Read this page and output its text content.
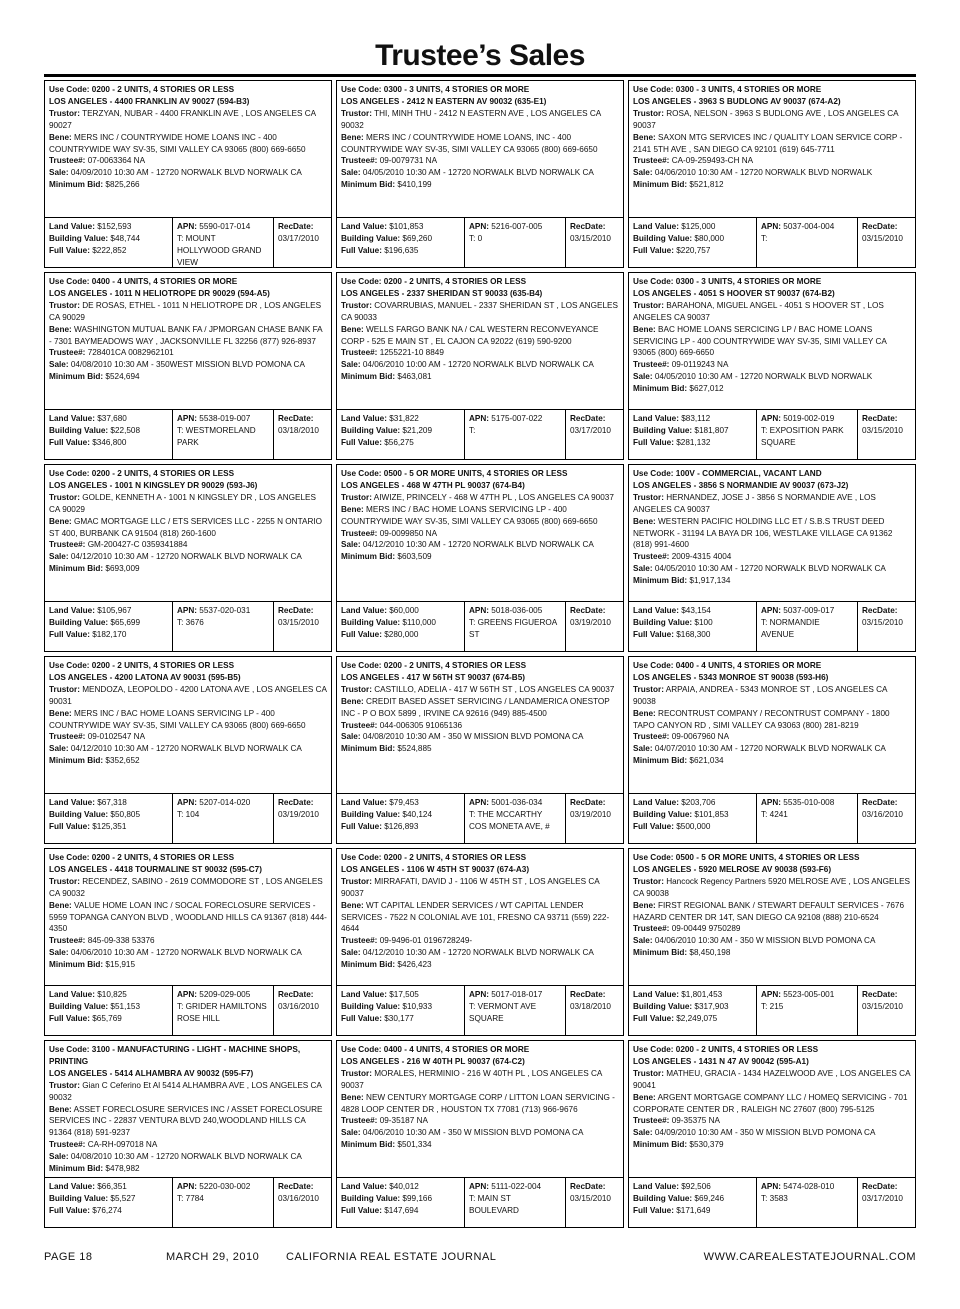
Trustee’s Sales
Use Code: 0200 - 2 UNITS, 4 STORIES OR LESS
LOS ANGELES - 4400 FRANKLIN AV 90027 (594-B3)
Trustor: TERZYAN, NUBAR - 4400 FRANKLIN AVE , LOS ANGELES CA 90027
Bene: MERS INC / COUNTRYWIDE HOME LOANS INC - 400 COUNTRYWIDE WAY SV-35, SIMI VALLEY CA 93065 (800) 669-6650
Trustee#: 07-0063364 NA
Sale: 04/09/2010 10:30 AM - 12720 NORWALK BLVD NORWALK CA
Minimum Bid: $825,266
Land Value: $152,593
Building Value: $48,744
Full Value: $222,852
APN: 5590-017-014
T: MOUNT HOLLYWOOD GRAND VIEW
RecDate:
03/17/2010
Use Code: 0300 - 3 UNITS, 4 STORIES OR MORE
LOS ANGELES - 2412 N EASTERN AV 90032 (635-E1)
Trustor: THI, MINH THU - 2412 N EASTERN AVE , LOS ANGELES CA 90032
Bene: MERS INC / COUNTRYWIDE HOME LOANS, INC - 400 COUNTRYWIDE WAY SV-35, SIMI VALLEY CA 93065 (800) 669-6650
Trustee#: 09-0079731 NA
Sale: 04/05/2010 10:30 AM - 12720 NORWALK BLVD NORWALK CA
Minimum Bid: $410,199
Land Value: $101,853
Building Value: $69,260
Full Value: $196,635
APN: 5216-007-005
T: 0
RecDate:
03/15/2010
Use Code: 0300 - 3 UNITS, 4 STORIES OR MORE
LOS ANGELES - 3963 S BUDLONG AV 90037 (674-A2)
Trustor: ROSA, NELSON - 3963 S BUDLONG AVE , LOS ANGELES CA 90037
Bene: SAXON MTG SERVICES INC / QUALITY LOAN SERVICE CORP - 2141 5TH AVE , SAN DIEGO CA 92101 (619) 645-7711
Trustee#: CA-09-259493-CH NA
Sale: 04/06/2010 10:30 AM - 12720 NORWALK BLVD NORWALK
Minimum Bid: $521,812
Land Value: $125,000
Building Value: $80,000
Full Value: $220,757
APN: 5037-004-004
T:
RecDate:
03/15/2010
Use Code: 0400 - 4 UNITS, 4 STORIES OR MORE
LOS ANGELES - 1011 N HELIOTROPE DR 90029 (594-A5)
Trustor: DE ROSAS, ETHEL - 1011 N HELIOTROPE DR , LOS ANGELES CA 90029
Bene: WASHINGTON MUTUAL BANK FA / JPMORGAN CHASE BANK FA - 7301 BAYMEADOWS WAY , JACKSONVILLE FL 32256 (877) 926-8937
Trustee#: 728401CA 0082962101
Sale: 04/08/2010 10:30 AM - 350WEST MISSION BLVD POMONA CA
Minimum Bid: $524,694
Land Value: $37,680
Building Value: $22,508
Full Value: $346,800
APN: 5538-019-007
T: WESTMORELAND PARK
RecDate:
03/18/2010
Use Code: 0200 - 2 UNITS, 4 STORIES OR LESS
LOS ANGELES - 2337 SHERIDAN ST 90033 (635-B4)
Trustor: COVARRUBIAS, MANUEL - 2337 SHERIDAN ST , LOS ANGELES CA 90033
Bene: WELLS FARGO BANK NA / CAL WESTERN RECONVEYANCE CORP - 525 E MAIN ST , EL CAJON CA 92022 (619) 590-9200
Trustee#: 1255221-10 8849
Sale: 04/06/2010 10:00 AM - 12720 NORWALK BLVD NORWALK CA
Minimum Bid: $463,081
Land Value: $31,822
Building Value: $21,209
Full Value: $56,275
APN: 5175-007-022
T:
RecDate:
03/17/2010
Use Code: 0300 - 3 UNITS, 4 STORIES OR MORE
LOS ANGELES - 4051 S HOOVER ST 90037 (674-B2)
Trustor: BARAHONA, MIGUEL ANGEL - 4051 S HOOVER ST , LOS ANGELES CA 90037
Bene: BAC HOME LOANS SERCICING LP / BAC HOME LOANS SERVICING LP - 400 COUNTRYWIDE WAY SV-35, SIMI VALLEY CA 93065 (800) 669-6650
Trustee#: 09-0119243 NA
Sale: 04/05/2010 10:30 AM - 12720 NORWALK BLVD NORWALK
Minimum Bid: $627,012
Land Value: $83,112
Building Value: $181,807
Full Value: $281,132
APN: 5019-002-019
T: EXPOSITION PARK SQUARE
RecDate:
03/15/2010
Use Code: 0200 - 2 UNITS, 4 STORIES OR LESS
LOS ANGELES - 1001 N KINGSLEY DR 90029 (593-J6)
Trustor: GOLDE, KENNETH A - 1001 N KINGSLEY DR , LOS ANGELES CA 90029
Bene: GMAC MORTGAGE LLC / ETS SERVICES LLC - 2255 N ONTARIO ST 400, BURBANK CA 91504 (818) 260-1600
Trustee#: GM-200427-C 0359341884
Sale: 04/12/2010 10:30 AM - 12720 NORWALK BLVD NORWALK CA
Minimum Bid: $693,009
Land Value: $105,967
Building Value: $65,699
Full Value: $182,170
APN: 5537-020-031
T: 3676
RecDate:
03/15/2010
Use Code: 0500 - 5 OR MORE UNITS, 4 STORIES OR LESS
LOS ANGELES - 468 W 47TH PL 90037 (674-B4)
Trustor: AIWIZE, PRINCELY - 468 W 47TH PL , LOS ANGELES CA 90037
Bene: MERS INC / BAC HOME LOANS SERVICING LP - 400 COUNTRYWIDE WAY SV-35, SIMI VALLEY CA 93065 (800) 669-6650
Trustee#: 09-0099850 NA
Sale: 04/12/2010 10:30 AM - 12720 NORWALK BLVD NORWALK CA
Minimum Bid: $603,509
Land Value: $60,000
Building Value: $110,000
Full Value: $280,000
APN: 5018-036-005
T: GREENS FIGUEROA ST
RecDate:
03/19/2010
Use Code: 100V - COMMERCIAL, VACANT LAND
LOS ANGELES - 3856 S NORMANDIE AV 90037 (673-J2)
Trustor: HERNANDEZ, JOSE J - 3856 S NORMANDIE AVE , LOS ANGELES CA 90037
Bene: WESTERN PACIFIC HOLDING LLC ET / S.B.S TRUST DEED NETWORK - 31194 LA BAYA DR 106, WESTLAKE VILLAGE CA 91362 (818) 991-4600
Trustee#: 2009-4315 4004
Sale: 04/05/2010 10:30 AM - 12720 NORWALK BLVD NORWALK CA
Minimum Bid: $1,917,134
Land Value: $43,154
Building Value: $100
Full Value: $168,300
APN: 5037-009-017
T: NORMANDIE AVENUE
RecDate:
03/15/2010
Use Code: 0200 - 2 UNITS, 4 STORIES OR LESS
LOS ANGELES - 4200 LATONA AV 90031 (595-B5)
Trustor: MENDOZA, LEOPOLDO - 4200 LATONA AVE , LOS ANGELES CA 90031
Bene: MERS INC / BAC HOME LOANS SERVICING LP - 400 COUNTRYWIDE WAY SV-35, SIMI VALLEY CA 93065 (800) 669-6650
Trustee#: 09-0102547 NA
Sale: 04/12/2010 10:30 AM - 12720 NORWALK BLVD NORWALK CA
Minimum Bid: $352,652
Land Value: $67,318
Building Value: $50,805
Full Value: $125,351
APN: 5207-014-020
T: 104
RecDate:
03/19/2010
Use Code: 0200 - 2 UNITS, 4 STORIES OR LESS
LOS ANGELES - 417 W 56TH ST 90037 (674-B5)
Trustor: CASTILLO, ADELIA - 417 W 56TH ST , LOS ANGELES CA 90037
Bene: CREDIT BASED ASSET SERVICING / LANDAMERICA ONESTOP INC - P O BOX 5899 , IRVINE CA 92616 (949) 885-4500
Trustee#: 044-006305 91065136
Sale: 04/08/2010 10:30 AM - 350 W MISSION BLVD POMONA CA
Minimum Bid: $524,885
Land Value: $79,453
Building Value: $40,124
Full Value: $126,893
APN: 5001-036-034
T: THE MCCARTHY COS MONETA AVE, #
RecDate:
03/19/2010
Use Code: 0400 - 4 UNITS, 4 STORIES OR MORE
LOS ANGELES - 5343 MONROE ST 90038 (593-H6)
Trustor: ARPAIA, ANDREA - 5343 MONROE ST , LOS ANGELES CA 90038
Bene: RECONTRUST COMPANY / RECONTRUST COMPANY - 1800 TAPO CANYON RD , SIMI VALLEY CA 93063 (800) 281-8219
Trustee#: 09-0067960 NA
Sale: 04/07/2010 10:30 AM - 12720 NORWALK BLVD NORWALK CA
Minimum Bid: $621,034
Land Value: $203,706
Building Value: $101,853
Full Value: $500,000
APN: 5535-010-008
T: 4241
RecDate:
03/16/2010
Use Code: 0200 - 2 UNITS, 4 STORIES OR LESS
LOS ANGELES - 4418 TOURMALINE ST 90032 (595-C7)
Trustor: RECENDEZ, SABINO - 2619 COMMODORE ST , LOS ANGELES CA 90032
Bene: VALUE HOME LOAN INC / SOCAL FORECLOSURE SERVICES - 5959 TOPANGA CANYON BLVD , WOODLAND HILLS CA 91367 (818) 444-4350
Trustee#: 845-09-338 53376
Sale: 04/06/2010 10:30 AM - 12720 NORWALK BLVD NORWALK CA
Minimum Bid: $15,915
Land Value: $10,825
Building Value: $51,153
Full Value: $65,769
APN: 5209-029-005
T: GRIDER HAMILTONS ROSE HILL
RecDate:
03/16/2010
Use Code: 0200 - 2 UNITS, 4 STORIES OR LESS
LOS ANGELES - 1106 W 45TH ST 90037 (674-A3)
Trustor: MIRRAFATI, DAVID J - 1106 W 45TH ST , LOS ANGELES CA 90037
Bene: WT CAPITAL LENDER SERVICES / WT CAPITAL LENDER SERVICES - 7522 N COLONIAL AVE 101, FRESNO CA 93711 (559) 222-4644
Trustee#: 09-9496-01 0196728249-
Sale: 04/12/2010 10:30 AM - 12720 NORWALK BLVD NORWALK CA
Minimum Bid: $426,423
Land Value: $17,505
Building Value: $10,933
Full Value: $30,177
APN: 5017-018-017
T: VERMONT AVE SQUARE
RecDate:
03/18/2010
Use Code: 0500 - 5 OR MORE UNITS, 4 STORIES OR LESS
LOS ANGELES - 5920 MELROSE AV 90038 (593-F6)
Trustor: Hancock Regency Partners 5920 MELROSE AVE , LOS ANGELES CA 90038
Bene: FIRST REGIONAL BANK / STEWART DEFAULT SERVICES - 7676 HAZARD CENTER DR 14T, SAN DIEGO CA 92108 (888) 210-6524
Trustee#: 09-00449 9750289
Sale: 04/06/2010 10:30 AM - 350 W MISSION BLVD POMONA CA
Minimum Bid: $8,450,198
Land Value: $1,801,453
Building Value: $317,903
Full Value: $2,249,075
APN: 5523-005-001
T: 215
RecDate:
03/15/2010
Use Code: 3100 - MANUFACTURING - LIGHT - MACHINE SHOPS, PRINTING
LOS ANGELES - 5414 ALHAMBRA AV 90032 (595-F7)
Trustor: Gian C Ceferino Et Al 5414 ALHAMBRA AVE , LOS ANGELES CA 90032
Bene: ASSET FORECLOSURE SERVICES INC / ASSET FORECLOSURE SERVICES INC - 22837 VENTURA BLVD 240,WOODLAND HILLS CA 91364 (818) 591-9237
Trustee#: CA-RH-097018 NA
Sale: 04/08/2010 10:30 AM - 12720 NORWALK BLVD NORWALK CA
Minimum Bid: $478,982
Land Value: $66,351
Building Value: $5,527
Full Value: $76,274
APN: 5220-030-002
T: 7784
RecDate:
03/16/2010
Use Code: 0400 - 4 UNITS, 4 STORIES OR MORE
LOS ANGELES - 216 W 40TH PL 90037 (674-C2)
Trustor: MORALES, HERMINIO - 216 W 40TH PL , LOS ANGELES CA 90037
Bene: NEW CENTURY MORTGAGE CORP / LITTON LOAN SERVICING - 4828 LOOP CENTER DR , HOUSTON TX 77081 (713) 966-9676
Trustee#: 09-35187 NA
Sale: 04/06/2010 10:30 AM - 350 W MISSION BLVD POMONA CA
Minimum Bid: $501,334
Land Value: $40,012
Building Value: $99,166
Full Value: $147,694
APN: 5111-022-004
T: MAIN ST BOULEVARD
RecDate:
03/15/2010
Use Code: 0200 - 2 UNITS, 4 STORIES OR LESS
LOS ANGELES - 1431 N 47 AV 90042 (595-A1)
Trustor: MATHEU, GRACIA - 1434 HAZELWOOD AVE , LOS ANGELES CA 90041
Bene: ARGENT MORTGAGE COMPANY LLC / HOMEQ SERVICING - 701 CORPORATE CENTER DR , RALEIGH NC 27607 (800) 795-5125
Trustee#: 09-35375 NA
Sale: 04/09/2010 10:30 AM - 350 W MISSION BLVD POMONA CA
Minimum Bid: $530,379
Land Value: $92,506
Building Value: $69,246
Full Value: $171,649
APN: 5474-028-010
T: 3583
RecDate:
03/17/2010
PAGE 18	MARCH 29, 2010 CALIFORNIA REAL ESTATE JOURNAL	WWW.CAREALESTATEJOURNAL.COM
